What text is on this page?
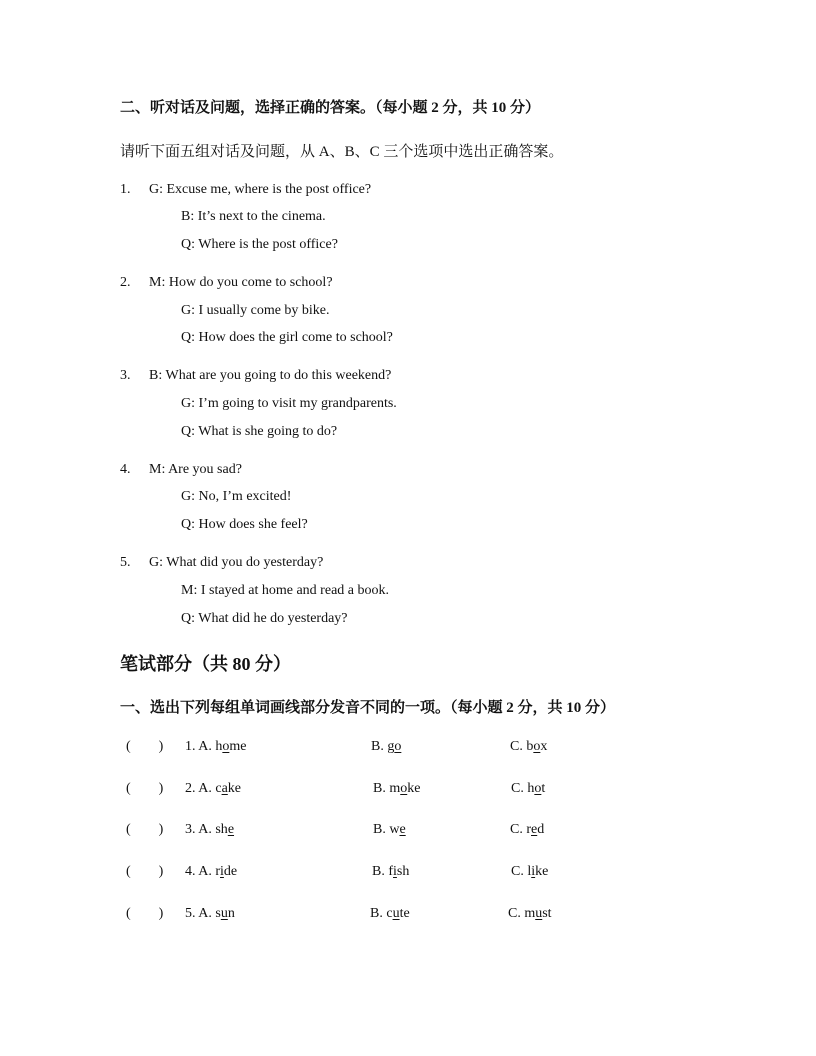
二、听对话及问题，选择正确的答案。（每小题 2 分，共 10 分）
请听下面五组对话及问题，从 A、B、C 三个选项中选出正确答案。
1. G: Excuse me, where is the post office?
B: It’s next to the cinema.
Q: Where is the post office?
2. M: How do you come to school?
G: I usually come by bike.
Q: How does the girl come to school?
3. B: What are you going to do this weekend?
G: I’m going to visit my grandparents.
Q: What is she going to do?
4. M: Are you sad?
G: No, I’m excited!
Q: How does she feel?
5. G: What did you do yesterday?
M: I stayed at home and read a book.
Q: What did he do yesterday?
笔试部分（共 80 分）
一、选出下列每组单词画线部分发音不同的一项。（每小题 2 分，共 10 分）
(        ) 1. A. home	B. go	C. box
(        ) 2. A. cake	B. moke	C. hot
(        ) 3. A. she	B. we	C. red
(        ) 4. A. ride	B. fish	C. like
(        ) 5. A. sun	B. cute	C. must
